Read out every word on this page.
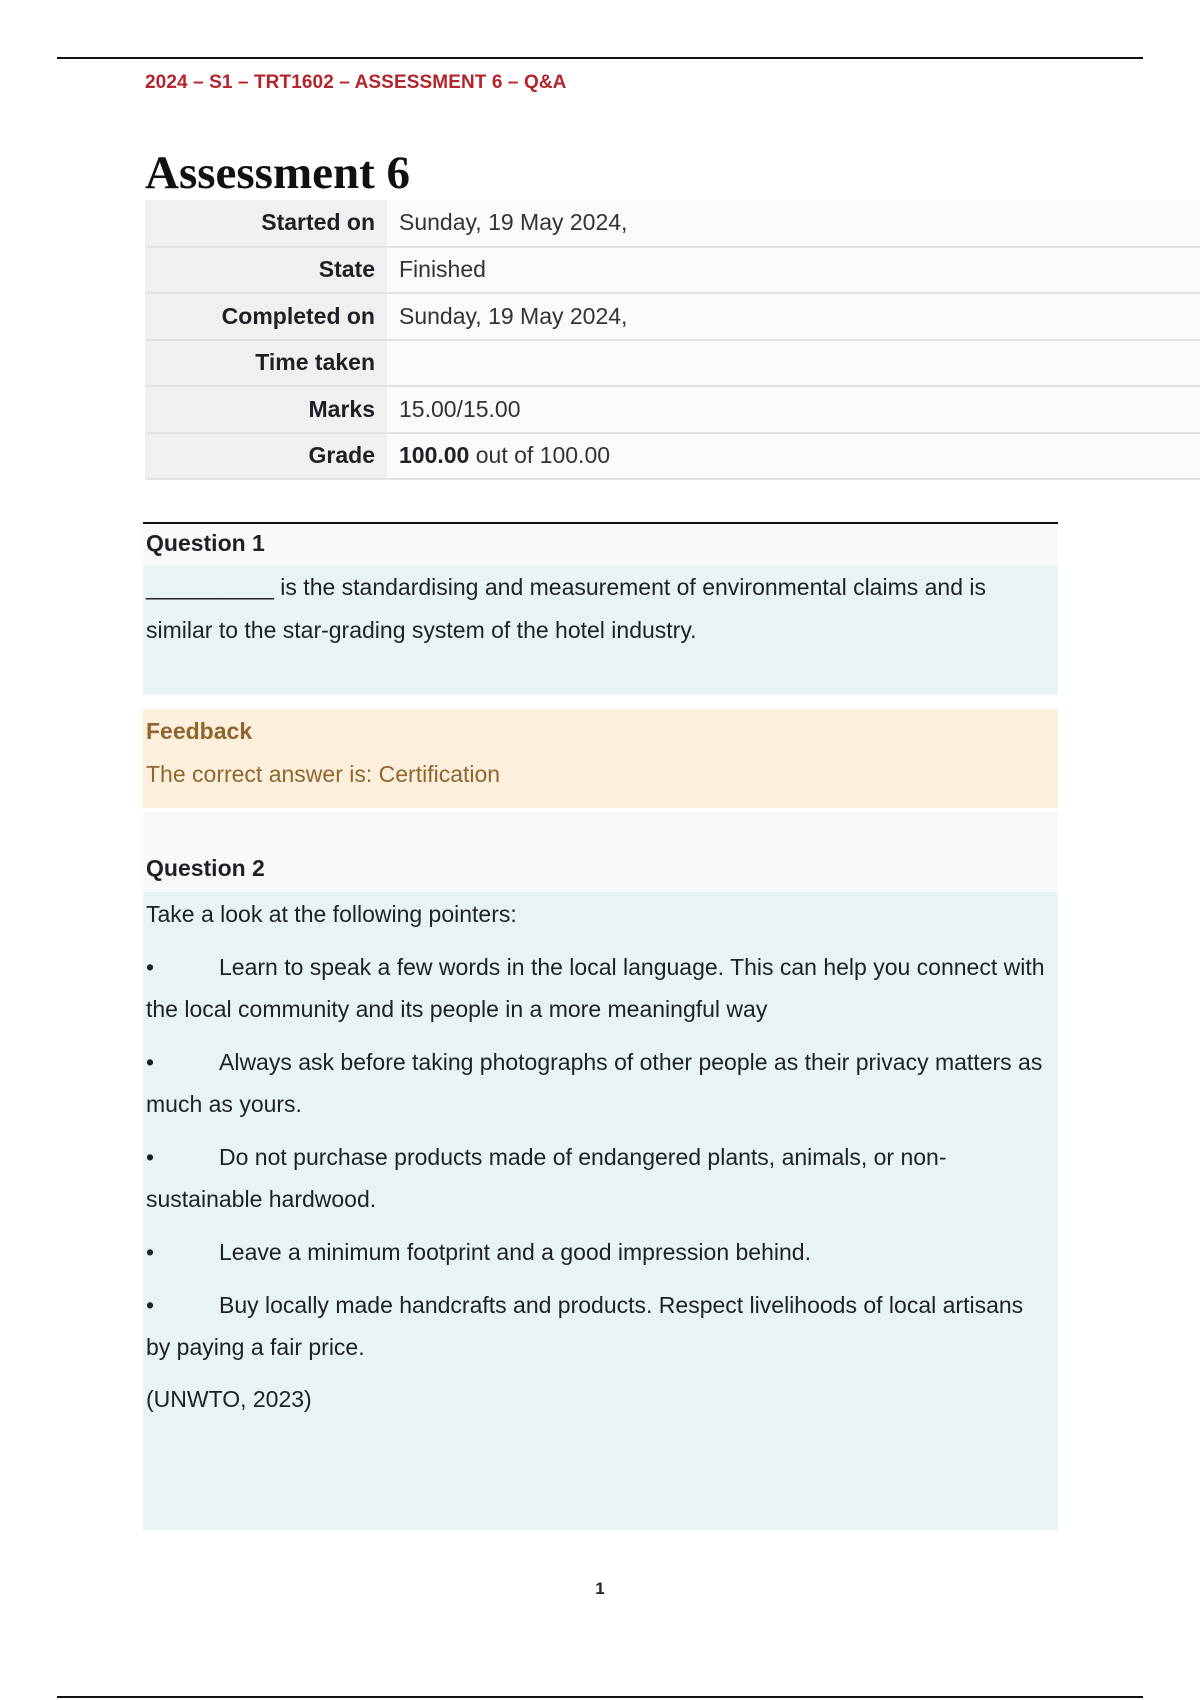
2024 – S1 – TRT1602 – ASSESSMENT 6 – Q&A
Assessment 6
Started on	Sunday, 19 May 2024,
State	Finished
Completed on	Sunday, 19 May 2024,
Time taken	
Marks	15.00/15.00
Grade	100.00 out of 100.00
Question 1
__________ is the standardising and measurement of environmental claims and is similar to the star-grading system of the hotel industry.
Feedback
The correct answer is: Certification
Question 2
Take a look at the following pointers:
•	Learn to speak a few words in the local language. This can help you connect with the local community and its people in a more meaningful way
•	Always ask before taking photographs of other people as their privacy matters as much as yours.
•	Do not purchase products made of endangered plants, animals, or non-sustainable hardwood.
•	Leave a minimum footprint and a good impression behind.
•	Buy locally made handcrafts and products. Respect livelihoods of local artisans by paying a fair price.
(UNWTO, 2023)
1
